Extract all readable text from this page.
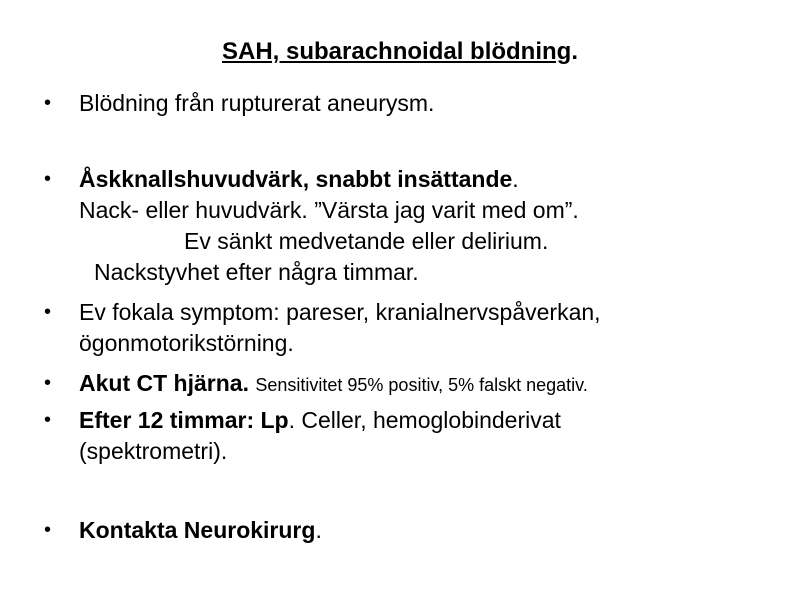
SAH, subarachnoidal blödning.
• Blödning från rupturerat aneurysm.
• Åskknallshuvudvärk, snabbt insättande.
Nack- eller huvudvärk. ”Värsta jag varit med om”.
Ev sänkt medvetande eller delirium.
Nackstyvhet efter några timmar.
• Ev fokala symptom: pareser, kranialnervspåverkan,
ögonmotorikstörning.
• Akut CT hjärna. Sensitivitet 95% positiv, 5% falskt negativ.
• Efter 12 timmar: Lp. Celler, hemoglobinderivat
(spektrometri).
• Kontakta Neurokirurg.
